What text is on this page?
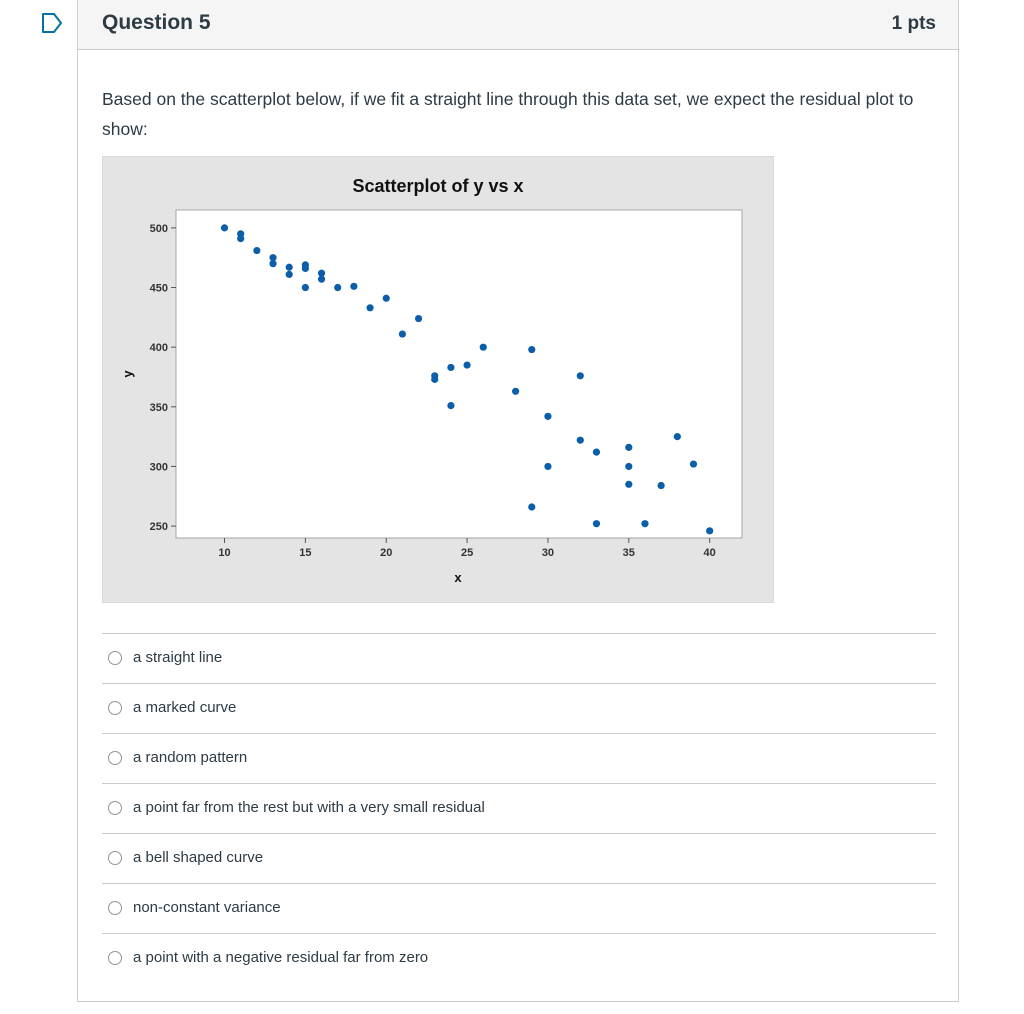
Question 5	1 pts
Based on the scatterplot below, if we fit a straight line through this data set, we expect the residual plot to show:
Scatterplot of y vs x
x
y
10	15	20	25	30	35	40
250
300
350
400
450
500
a straight line
a marked curve
a random pattern
a point far from the rest but with a very small residual
a bell shaped curve
non-constant variance
a point with a negative residual far from zero
